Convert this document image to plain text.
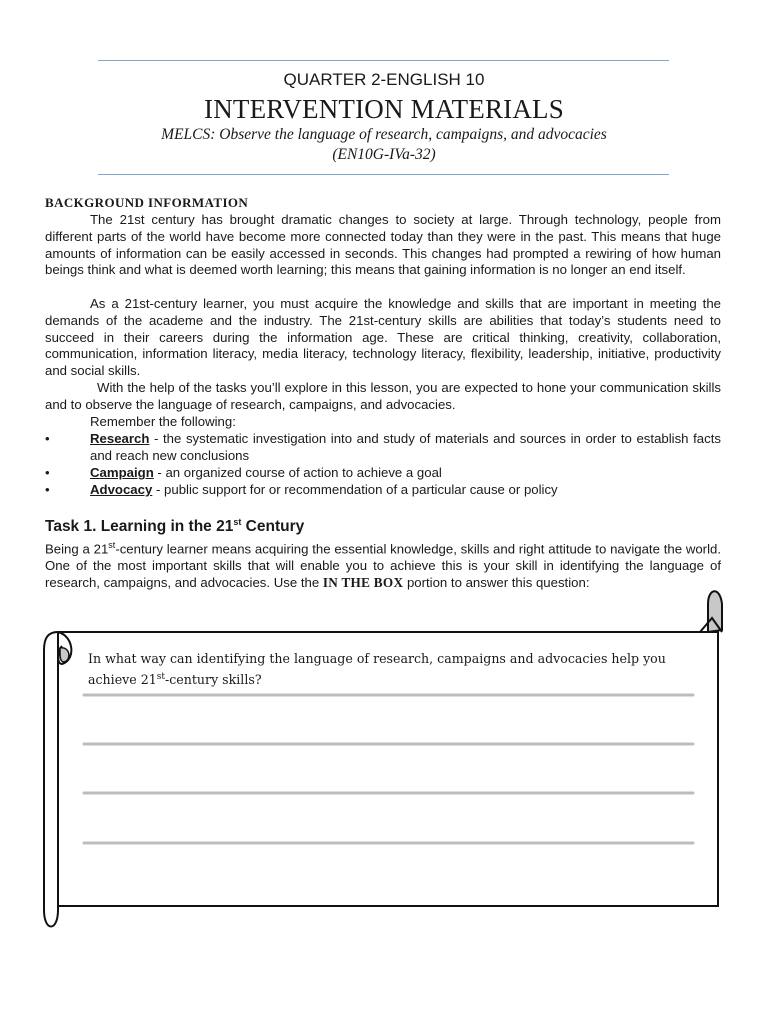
QUARTER 2-ENGLISH 10
INTERVENTION MATERIALS
MELCS: Observe the language of research, campaigns, and advocacies
(EN10G-IVa-32)
BACKGROUND INFORMATION
The 21st century has brought dramatic changes to society at large. Through technology, people from different parts of the world have become more connected today than they were in the past. This means that huge amounts of information can be easily accessed in seconds. This changes had prompted a rewiring of how human beings think and what is deemed worth learning; this means that gaining information is no longer an end itself.
As a 21st-century learner, you must acquire the knowledge and skills that are important in meeting the demands of the academe and the industry. The 21st-century skills are abilities that today’s students need to succeed in their careers during the information age. These are critical thinking, creativity, collaboration, communication, information literacy, media literacy, technology literacy, flexibility, leadership, initiative, productivity and social skills.
With the help of the tasks you’ll explore in this lesson, you are expected to hone your communication skills and to observe the language of research, campaigns, and advocacies.
Remember the following:
•	Research - the systematic investigation into and study of materials and sources in order to establish facts and reach new conclusions
•	Campaign - an organized course of action to achieve a goal
•	Advocacy - public support for or recommendation of a particular cause or policy
Task 1. Learning in the 21st Century
Being a 21st-century learner means acquiring the essential knowledge, skills and right attitude to navigate the world. One of the most important skills that will enable you to achieve this is your skill in identifying the language of research, campaigns, and advocacies. Use the IN THE BOX portion to answer this question:
In what way can identifying the language of research, campaigns and advocacies help you achieve 21st-century skills?
